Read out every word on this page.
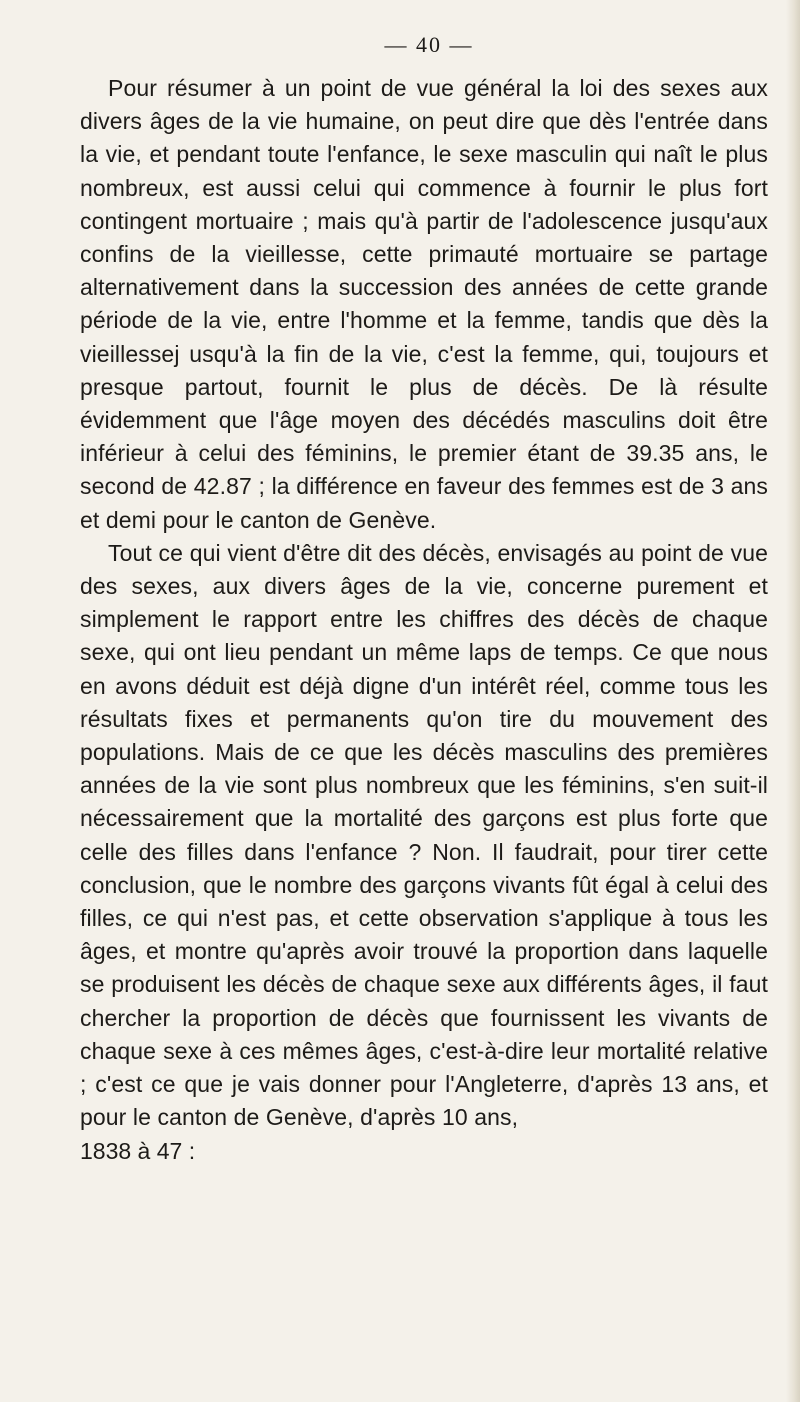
— 40 —

Pour résumer à un point de vue général la loi des sexes aux divers âges de la vie humaine, on peut dire que dès l'entrée dans la vie, et pendant toute l'enfance, le sexe masculin qui naît le plus nombreux, est aussi celui qui commence à fournir le plus fort contingent mortuaire ; mais qu'à partir de l'adolescence jusqu'aux confins de la vieillesse, cette primauté mortuaire se partage alternativement dans la succession des années de cette grande période de la vie, entre l'homme et la femme, tandis que dès la vieillessej usqu'à la fin de la vie, c'est la femme, qui, toujours et presque partout, fournit le plus de décès. De là résulte évidemment que l'âge moyen des décédés masculins doit être inférieur à celui des féminins, le premier étant de 39.35 ans, le second de 42.87 ; la différence en faveur des femmes est de 3 ans et demi pour le canton de Genève.

Tout ce qui vient d'être dit des décès, envisagés au point de vue des sexes, aux divers âges de la vie, concerne purement et simplement le rapport entre les chiffres des décès de chaque sexe, qui ont lieu pendant un même laps de temps. Ce que nous en avons déduit est déjà digne d'un intérêt réel, comme tous les résultats fixes et permanents qu'on tire du mouvement des populations. Mais de ce que les décès masculins des premières années de la vie sont plus nombreux que les féminins, s'en suit-il nécessairement que la mortalité des garçons est plus forte que celle des filles dans l'enfance ? Non. Il faudrait, pour tirer cette conclusion, que le nombre des garçons vivants fût égal à celui des filles, ce qui n'est pas, et cette observation s'applique à tous les âges, et montre qu'après avoir trouvé la proportion dans laquelle se produisent les décès de chaque sexe aux différents âges, il faut chercher la proportion de décès que fournissent les vivants de chaque sexe à ces mêmes âges, c'est-à-dire leur mortalité relative ; c'est ce que je vais donner pour l'Angleterre, d'après 13 ans, et pour le canton de Genève, d'après 10 ans,

1838 à 47 :
